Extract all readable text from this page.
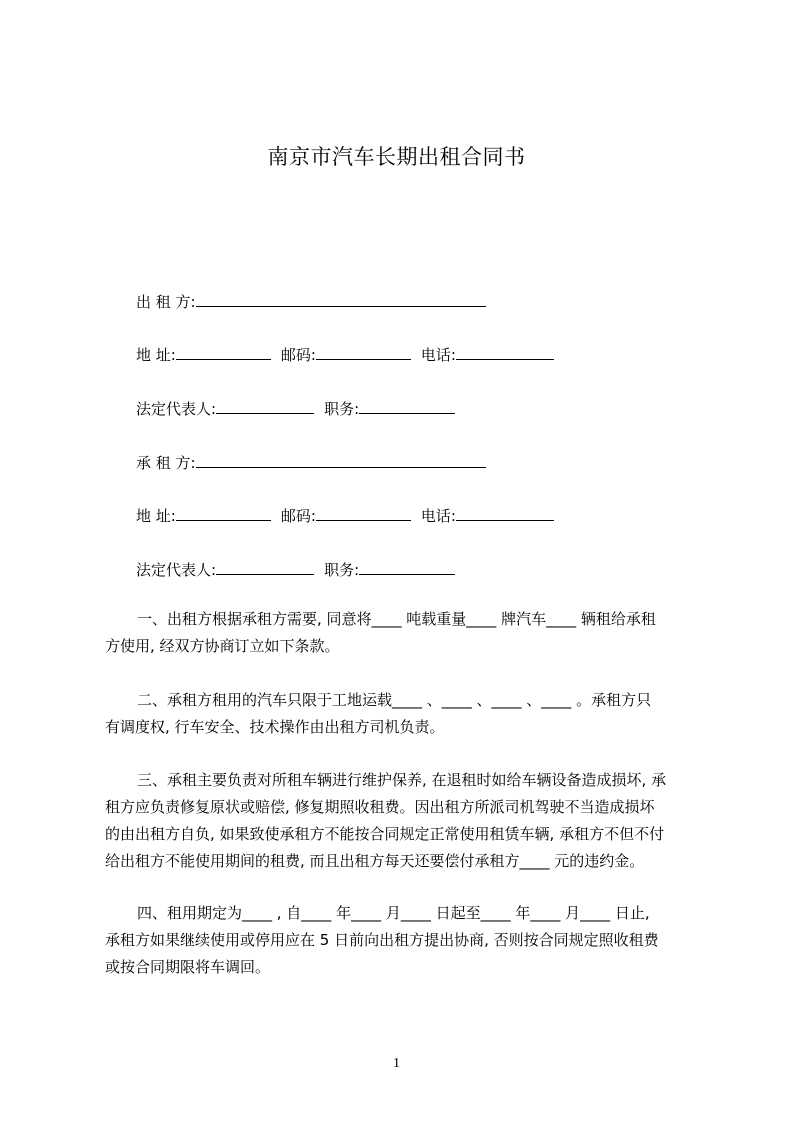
南京市汽车长期出租合同书
出 租 方:
地 址:	邮码:	电话:
法定代表人:	职务:
承 租 方:
地 址:	邮码:	电话:
法定代表人:	职务:
一、出租方根据承租方需要, 同意将____ 吨载重量____ 牌汽车____ 辆租给承租
方使用, 经双方协商订立如下条款。
二、承租方租用的汽车只限于工地运载____ 、____ 、____ 、____ 。承租方只
有调度权, 行车安全、技术操作由出租方司机负责。
三、承租主要负责对所租车辆进行维护保养, 在退租时如给车辆设备造成损坏, 承
租方应负责修复原状或赔偿, 修复期照收租费。因出租方所派司机驾驶不当造成损坏
的由出租方自负, 如果致使承租方不能按合同规定正常使用租赁车辆, 承租方不但不付
给出租方不能使用期间的租费, 而且出租方每天还要偿付承租方____ 元的违约金。
四、租用期定为____ , 自____ 年____ 月____ 日起至____ 年____ 月____ 日止,
承租方如果继续使用或停用应在 5 日前向出租方提出协商, 否则按合同规定照收租费
或按合同期限将车调回。
1
